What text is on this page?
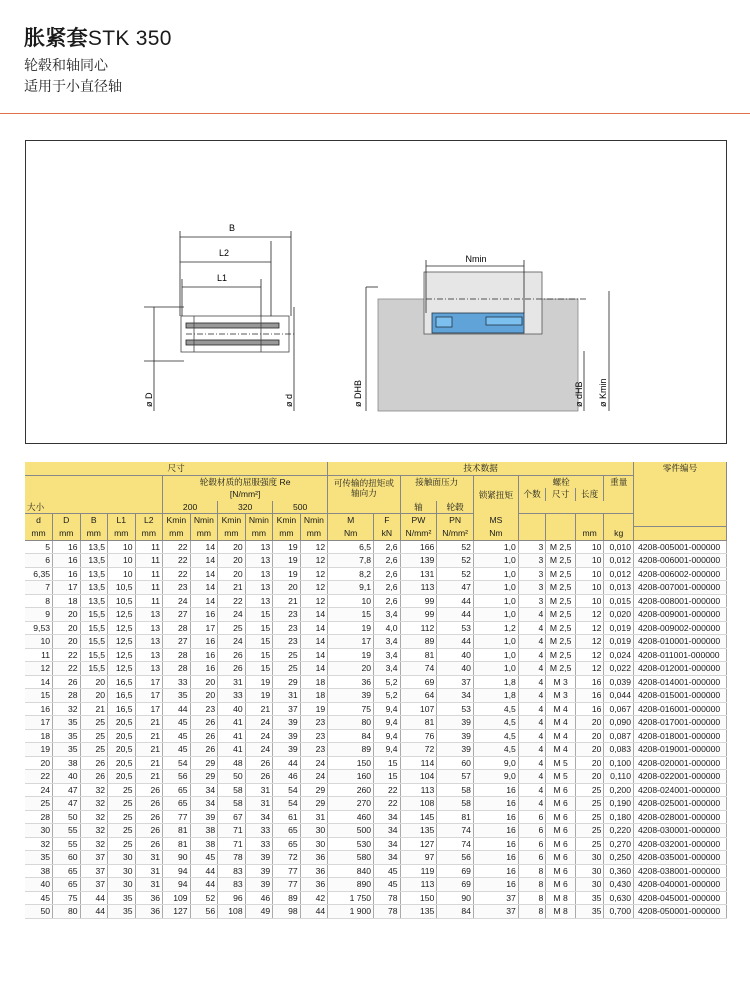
胀紧套STK 350
轮毂和轴同心
适用于小直径轴
B
L2
L1
ø D	ø d
Nmin
ø DHB	ø dHB ø Kmin
尺寸											技术数据									零件编号
					轮毂材质的屈服强度 Re						可传输的扭矩或轴向力		接触面压力		锁紧扭矩	螺栓			重量	
					[N/mm²]											个数	尺寸	长度		
大小					200		320		500				轴	轮毂						
d	D	B	L1	L2	Kmin	Nmin	Kmin	Nmin	Kmin	Nmin	M	F	PW	PN	MS					
mm	mm	mm	mm	mm	mm	mm	mm	mm	mm	mm	Nm	kN	N/mm²	N/mm²	Nm			mm	kg	
5	16	13,5	10	11	22	14	20	13	19	12	6,5	2,6	166	52	1,0	3	M 2,5	10	0,010	4208-005001-000000
6	16	13,5	10	11	22	14	20	13	19	12	7,8	2,6	139	52	1,0	3	M 2,5	10	0,012	4208-006001-000000
6,35	16	13,5	10	11	22	14	20	13	19	12	8,2	2,6	131	52	1,0	3	M 2,5	10	0,012	4208-006002-000000
7	17	13,5	10,5	11	23	14	21	13	20	12	9,1	2,6	113	47	1,0	3	M 2,5	10	0,013	4208-007001-000000
8	18	13,5	10,5	11	24	14	22	13	21	12	10	2,6	99	44	1,0	3	M 2,5	10	0,015	4208-008001-000000
9	20	15,5	12,5	13	27	16	24	15	23	14	15	3,4	99	44	1,0	4	M 2,5	12	0,020	4208-009001-000000
9,53	20	15,5	12,5	13	28	17	25	15	23	14	19	4,0	112	53	1,2	4	M 2,5	12	0,019	4208-009002-000000
10	20	15,5	12,5	13	27	16	24	15	23	14	17	3,4	89	44	1,0	4	M 2,5	12	0,019	4208-010001-000000
11	22	15,5	12,5	13	28	16	26	15	25	14	19	3,4	81	40	1,0	4	M 2,5	12	0,024	4208-011001-000000
12	22	15,5	12,5	13	28	16	26	15	25	14	20	3,4	74	40	1,0	4	M 2,5	12	0,022	4208-012001-000000
14	26	20	16,5	17	33	20	31	19	29	18	36	5,2	69	37	1,8	4	M 3	16	0,039	4208-014001-000000
15	28	20	16,5	17	35	20	33	19	31	18	39	5,2	64	34	1,8	4	M 3	16	0,044	4208-015001-000000
16	32	21	16,5	17	44	23	40	21	37	19	75	9,4	107	53	4,5	4	M 4	16	0,067	4208-016001-000000
17	35	25	20,5	21	45	26	41	24	39	23	80	9,4	81	39	4,5	4	M 4	20	0,090	4208-017001-000000
18	35	25	20,5	21	45	26	41	24	39	23	84	9,4	76	39	4,5	4	M 4	20	0,087	4208-018001-000000
19	35	25	20,5	21	45	26	41	24	39	23	89	9,4	72	39	4,5	4	M 4	20	0,083	4208-019001-000000
20	38	26	20,5	21	54	29	48	26	44	24	150	15	114	60	9,0	4	M 5	20	0,100	4208-020001-000000
22	40	26	20,5	21	56	29	50	26	46	24	160	15	104	57	9,0	4	M 5	20	0,110	4208-022001-000000
24	47	32	25	26	65	34	58	31	54	29	260	22	113	58	16	4	M 6	25	0,200	4208-024001-000000
25	47	32	25	26	65	34	58	31	54	29	270	22	108	58	16	4	M 6	25	0,190	4208-025001-000000
28	50	32	25	26	77	39	67	34	61	31	460	34	145	81	16	6	M 6	25	0,180	4208-028001-000000
30	55	32	25	26	81	38	71	33	65	30	500	34	135	74	16	6	M 6	25	0,220	4208-030001-000000
32	55	32	25	26	81	38	71	33	65	30	530	34	127	74	16	6	M 6	25	0,270	4208-032001-000000
35	60	37	30	31	90	45	78	39	72	36	580	34	97	56	16	6	M 6	30	0,250	4208-035001-000000
38	65	37	30	31	94	44	83	39	77	36	840	45	119	69	16	8	M 6	30	0,360	4208-038001-000000
40	65	37	30	31	94	44	83	39	77	36	890	45	113	69	16	8	M 6	30	0,430	4208-040001-000000
45	75	44	35	36	109	52	96	46	89	42	1 750	78	150	90	37	8	M 8	35	0,630	4208-045001-000000
50	80	44	35	36	127	56	108	49	98	44	1 900	78	135	84	37	8	M 8	35	0,700	4208-050001-000000
